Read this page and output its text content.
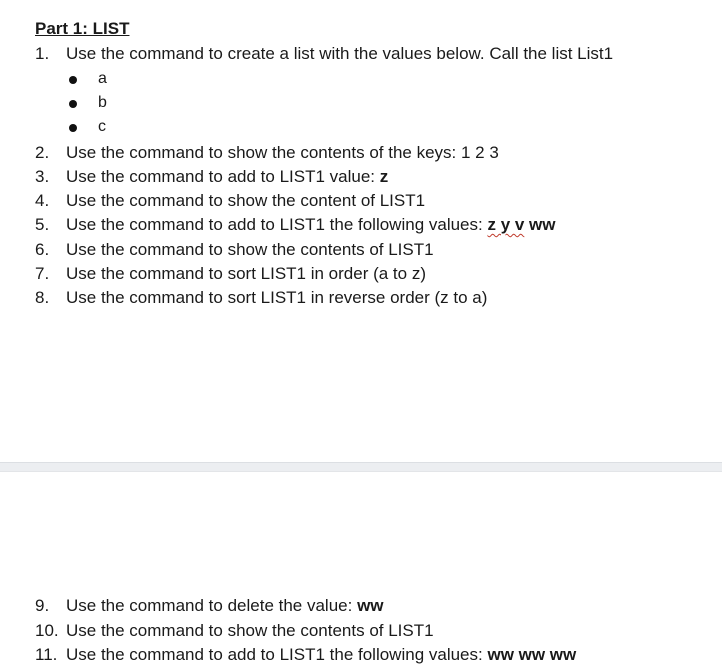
Part 1: LIST
1. Use the command to create a list with the values below. Call the list List1
a
b
c
2. Use the command to show the contents of the keys: 1 2 3
3. Use the command to add to LIST1 value: z
4. Use the command to show the content of LIST1
5. Use the command to add to LIST1 the following values: z y v ww
6. Use the command to show the contents of LIST1
7. Use the command to sort LIST1 in order (a to z)
8. Use the command to sort LIST1 in reverse order (z to a)
9. Use the command to delete the value: ww
10. Use the command to show the contents of LIST1
11. Use the command to add to LIST1 the following values: ww ww ww
